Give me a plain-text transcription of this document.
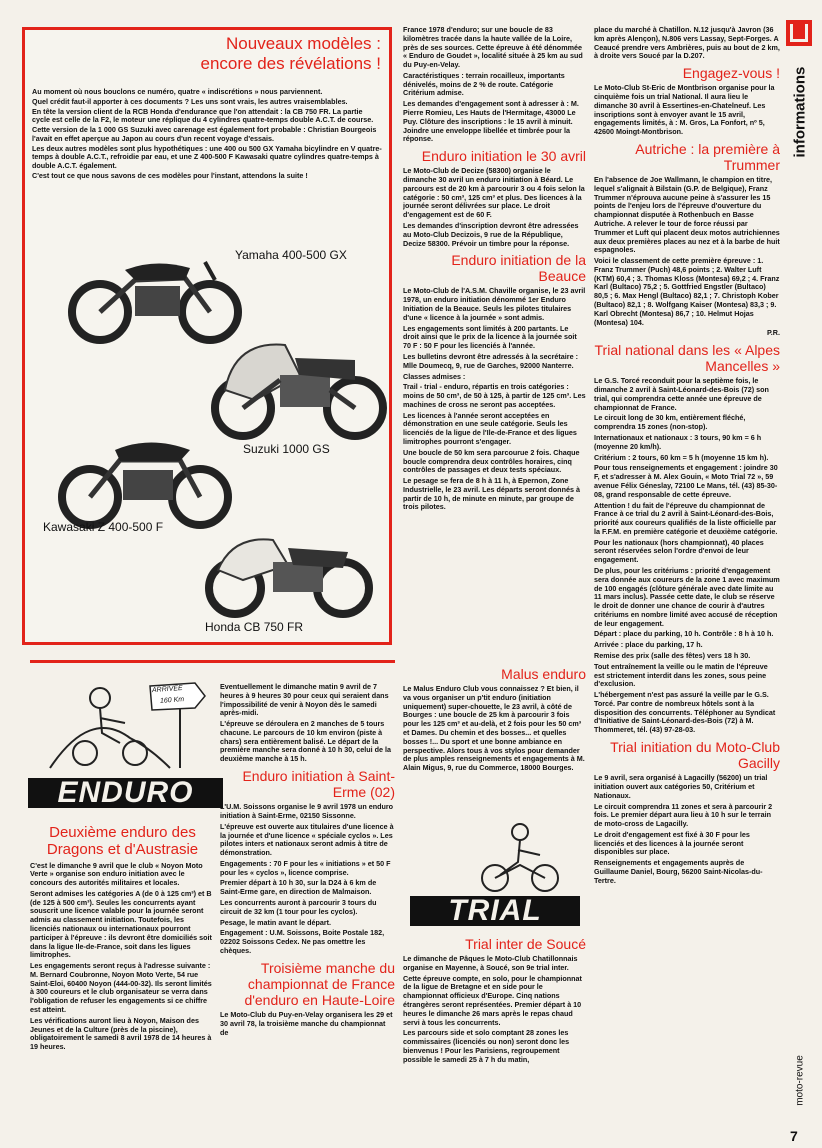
Nouveaux modèles :
encore des révélations !

Au moment où nous bouclons ce numéro, quatre « indiscrétions » nous parviennent.

Quel crédit faut-il apporter à ces documents ? Les uns sont vrais, les autres vraisemblables.

En tête la version client de la RCB Honda d'endurance que l'on attendait : la CB 750 FR. La partie cycle est celle de la F2, le moteur une réplique du 4 cylindres quatre-temps double A.C.T. de course.

Cette version de la 1 000 GS Suzuki avec carenage est également fort probable : Christian Bourgeois l'avait en effet aperçue au Japon au cours d'un recent voyage d'essais.

Les deux autres modèles sont plus hypothétiques : une 400 ou 500 GX Yamaha bicylindre en V quatre-temps à double A.C.T., refroidie par eau, et une Z 400-500 F Kawasaki quatre cylindres quatre-temps à double A.C.T. également.

C'est tout ce que nous savons de ces modèles pour l'instant, attendons la suite !

Yamaha 400-500 GX
Suzuki 1000 GS
Kawasaki Z 400-500 F
Honda CB 750 FR
ARRIVÉE
160 Km
ENDURO
Deuxième enduro des Dragons et d'Austrasie

C'est le dimanche 9 avril que le club « Noyon Moto Verte » organise son enduro initiation avec le concours des autorités militaires et locales.

Seront admises les catégories A (de 0 à 125 cm³) et B (de 125 à 500 cm³). Seules les concurrents ayant souscrit une licence valable pour la journée seront admis au classement initiation. Toutefois, les licenciés nationaux ou internationaux pourront participer à l'épreuve : ils devront être domiciliés soit dans la ligue Ile-de-France, soit dans les ligues limitrophes.

Les engagements seront reçus à l'adresse suivante : M. Bernard Coubronne, Noyon Moto Verte, 54 rue Saint-Eloi, 60400 Noyon (444-00-32). Ils seront limités à 300 coureurs et le club organisateur se verra dans l'obligation de refuser les engagements si ce chiffre est atteint.

Les vérifications auront lieu à Noyon, Maison des Jeunes et de la Culture (près de la piscine), obligatoirement le samedi 8 avril 1978 de 14 heures à 19 heures.

Eventuellement le dimanche matin 9 avril de 7 heures à 9 heures 30 pour ceux qui seraient dans l'impossibilité de venir à Noyon dès le samedi après-midi.

L'épreuve se déroulera en 2 manches de 5 tours chacune. Le parcours de 10 km environ (piste à chars) sera entièrement balisé. Le départ de la première manche sera donné à 10 h 30, celui de la deuxième manche à 15 h.

Enduro initiation à Saint-Erme (02)

L'U.M. Soissons organise le 9 avril 1978 un enduro initiation à Saint-Erme, 02150 Sissonne.

L'épreuve est ouverte aux titulaires d'une licence à la journée et d'une licence « spéciale cyclos ». Les pilotes inters et nationaux seront admis à titre de démonstration.

Engagements : 70 F pour les « initiations » et 50 F pour les « cyclos », licence comprise.

Premier départ à 10 h 30, sur la D24 à 6 km de Saint-Erme gare, en direction de Malmaison.

Les concurrents auront à parcourir 3 tours du circuit de 32 km (1 tour pour les cyclos).

Pesage, le matin avant le départ.

Engagement : U.M. Soissons, Boite Postale 182, 02202 Soissons Cedex. Ne pas omettre les chèques.

Troisième manche du championnat de France d'enduro en Haute-Loire

Le Moto-Club du Puy-en-Velay organisera les 29 et 30 avril 78, la troisième manche du championnat de

France 1978 d'enduro; sur une boucle de 83 kilomètres tracée dans la haute vallée de la Loire, près de ses sources. Cette épreuve à été dénommée « Enduro de Goudet », localité située à 25 km au sud du Puy-en-Velay.

Caractéristiques : terrain rocailleux, importants dénivelés, moins de 2 % de route. Catégorie Critérium admise.

Les demandes d'engagement sont à adresser à : M. Pierre Romieu, Les Hauts de l'Hermitage, 43000 Le Puy. Clôture des inscriptions : le 15 avril à minuit. Joindre une enveloppe libellée et timbrée pour la réponse.

Enduro initiation le 30 avril

Le Moto-Club de Decize (58300) organise le dimanche 30 avril un enduro initiation à Béard. Le parcours est de 20 km à parcourir 3 ou 4 fois selon la catégorie : 50 cm³, 125 cm³ et plus. Des licences à la journée seront délivrées sur place. Le droit d'engagement est de 60 F.

Les demandes d'inscription devront être adressées au Moto-Club Decizois, 9 rue de la République, Decize 58300. Prévoir un timbre pour la réponse.

Enduro initiation de la Beauce

Le Moto-Club de l'A.S.M. Chaville organise, le 23 avril 1978, un enduro initiation dénommé 1er Enduro Initiation de la Beauce. Seuls les pilotes titulaires d'une « licence à la journée » sont admis.

Les engagements sont limités à 200 partants. Le droit ainsi que le prix de la licence à la journée soit 70 F : 50 F pour les licenciés à l'année.

Les bulletins devront être adressés à la secrétaire : Mlle Doumecq, 9, rue de Garches, 92000 Nanterre.

Classes admises :

Trail - trial - enduro, répartis en trois catégories : moins de 50 cm³, de 50 à 125, à partir de 125 cm³. Les machines de cross ne seront pas acceptées.

Les licences à l'année seront acceptées en démonstration en une seule catégorie. Seuls les licenciés de la ligue de l'Ile-de-France et des ligues limitrophes pourront s'engager.

Une boucle de 50 km sera parcourue 2 fois. Chaque boucle comprendra deux contrôles horaires, cinq contrôles de passages et deux tests spéciaux.

Le pesage se fera de 8 h à 11 h, à Epernon, Zone Industrielle, le 23 avril. Les départs seront donnés à partir de 10 h, de minute en minute, par groupe de trois pilotes.

Malus enduro

Le Malus Enduro Club vous connaissez ? Et bien, il va vous organiser un p'tit enduro (initiation uniquement) super-chouette, le 23 avril, à côté de Bourges : une boucle de 25 km à parcourir 3 fois pour les 125 cm³ et au-delà, et 2 fois pour les 50 cm³ et Dames. Du chemin et des bosses... et quelles bosses !... Du sport et une bonne ambiance en perspective. Alors tous à vos stylos pour demander de plus amples renseignements et engagements à M. Alain Migus, 9, rue du Commerce, 18000 Bourges.

TRIAL
Trial inter de Soucé

Le dimanche de Pâques le Moto-Club Chatillonnais organise en Mayenne, à Soucé, son 9e trial inter.

Cette épreuve compte, en solo, pour le championnat de la ligue de Bretagne et en side pour le championnat officieux d'Europe. Cinq nations étrangères seront représentées. Premier départ à 10 heures le dimanche 26 mars après le repas chaud servi à tous les concurrents.

Les parcours side et solo comptant 28 zones les commissaires (licenciés ou non) seront donc les bienvenus ! Pour les Parisiens, regroupement possible le samedi 25 à 7 h du matin,

place du marché à Chatillon. N.12 jusqu'à Javron (36 km après Alençon), N.806 vers Lassay, Sept-Forges. A Ceaucé prendre vers Ambrières, puis au bout de 2 km, à droite vers Soucé par la D.207.

Engagez-vous !

Le Moto-Club St-Eric de Montbrison organise pour la cinquième fois un trial National. Il aura lieu le dimanche 30 avril à Essertines-en-Chatelneuf. Les inscriptions sont à envoyer avant le 15 avril, engagements limités, à : M. Gros, La Fonfort, nº 5, 42600 Moingt-Montbrison.

Autriche : la première à Trummer

En l'absence de Joe Wallmann, le champion en titre, lequel s'alignait à Bilstain (G.P. de Belgique), Franz Trummer n'éprouva aucune peine à s'assurer les 15 points de l'enjeu lors de l'épreuve d'ouverture du championnat disputée à Rothenbuch en Basse Autriche. A relever le tour de force réussi par Trummer et Luft qui placent deux motos autrichiennes aux deux premières places au nez et à la barbe de huit espagnoles.

Voici le classement de cette première épreuve : 1. Franz Trummer (Puch) 48,6 points ; 2. Walter Luft (KTM) 60,4 ; 3. Thomas Kloss (Montesa) 69,2 ; 4. Franz Karl (Bultaco) 75,2 ; 5. Gottfried Engstler (Bultaco) 80,5 ; 6. Max Hengl (Bultaco) 82,1 ; 7. Christoph Kober (Bultaco) 82,1 ; 8. Wolfgang Kaiser (Montesa) 83,3 ; 9. Karl Obrecht (Montesa) 86,7 ; 10. Helmut Hojas (Montesa) 104.

P.R.

Trial national dans les « Alpes Mancelles »

Le G.S. Torcé reconduit pour la septième fois, le dimanche 2 avril à Saint-Léonard-des-Bois (72) son trial, qui comprendra cette année une épreuve de championnat de France.

Le circuit long de 30 km, entièrement fléché, comprendra 15 zones (non-stop).

Internationaux et nationaux : 3 tours, 90 km = 6 h (moyenne 20 km/h).

Critérium : 2 tours, 60 km = 5 h (moyenne 15 km h).

Pour tous renseignements et engagement : joindre 30 F, et s'adresser à M. Alex Gouin, « Moto Trial 72 », 59 avenue Félix Géneslay, 72100 Le Mans, tél. (43) 85-30-08, grand responsable de cette épreuve.

Attention ! du fait de l'épreuve du championnat de France à ce trial du 2 avril à Saint-Léonard-des-Bois, priorité aux coureurs qualifiés de la liste officielle par la F.F.M. en première catégorie et deuxième catégorie.

Pour les nationaux (hors championnat), 40 places seront réservées selon l'ordre d'envoi de leur engagement.

De plus, pour les critériums : priorité d'engagement sera donnée aux coureurs de la zone 1 avec maximum de 100 engagés (clôture générale avec date limite au 11 mars inclus). Passée cette date, le club se réserve le droit de donner une chance de courir à d'autres critériums en nombre limité avec accusé de réception de leur engagement.

Départ : place du parking, 10 h. Contrôle : 8 h à 10 h.

Arrivée : place du parking, 17 h.

Remise des prix (salle des fêtes) vers 18 h 30.

Tout entraînement la veille ou le matin de l'épreuve est strictement interdit dans les zones, sous peine d'exclusion.

L'hébergement n'est pas assuré la veille par le G.S. Torcé. Par contre de nombreux hôtels sont à la disposition des concurrents. Téléphoner au Syndicat d'Initiative de Saint-Léonard-des-Bois (72) à M. Thommeret, tél. (43) 97-28-03.

Trial initiation du Moto-Club Gacilly

Le 9 avril, sera organisé à Lagacilly (56200) un trial initiation ouvert aux catégories 50, Critérium et Nationaux.

Le circuit comprendra 11 zones et sera à parcourir 2 fois. Le premier départ aura lieu à 10 h sur le terrain de moto-cross de Lagacilly.

Le droit d'engagement est fixé à 30 F pour les licenciés et des licences à la journée seront disponibles sur place.

Renseignements et engagements auprès de Guillaume Daniel, Bourg, 56200 Saint-Nicolas-du-Tertre.

informations
moto-revue
7
